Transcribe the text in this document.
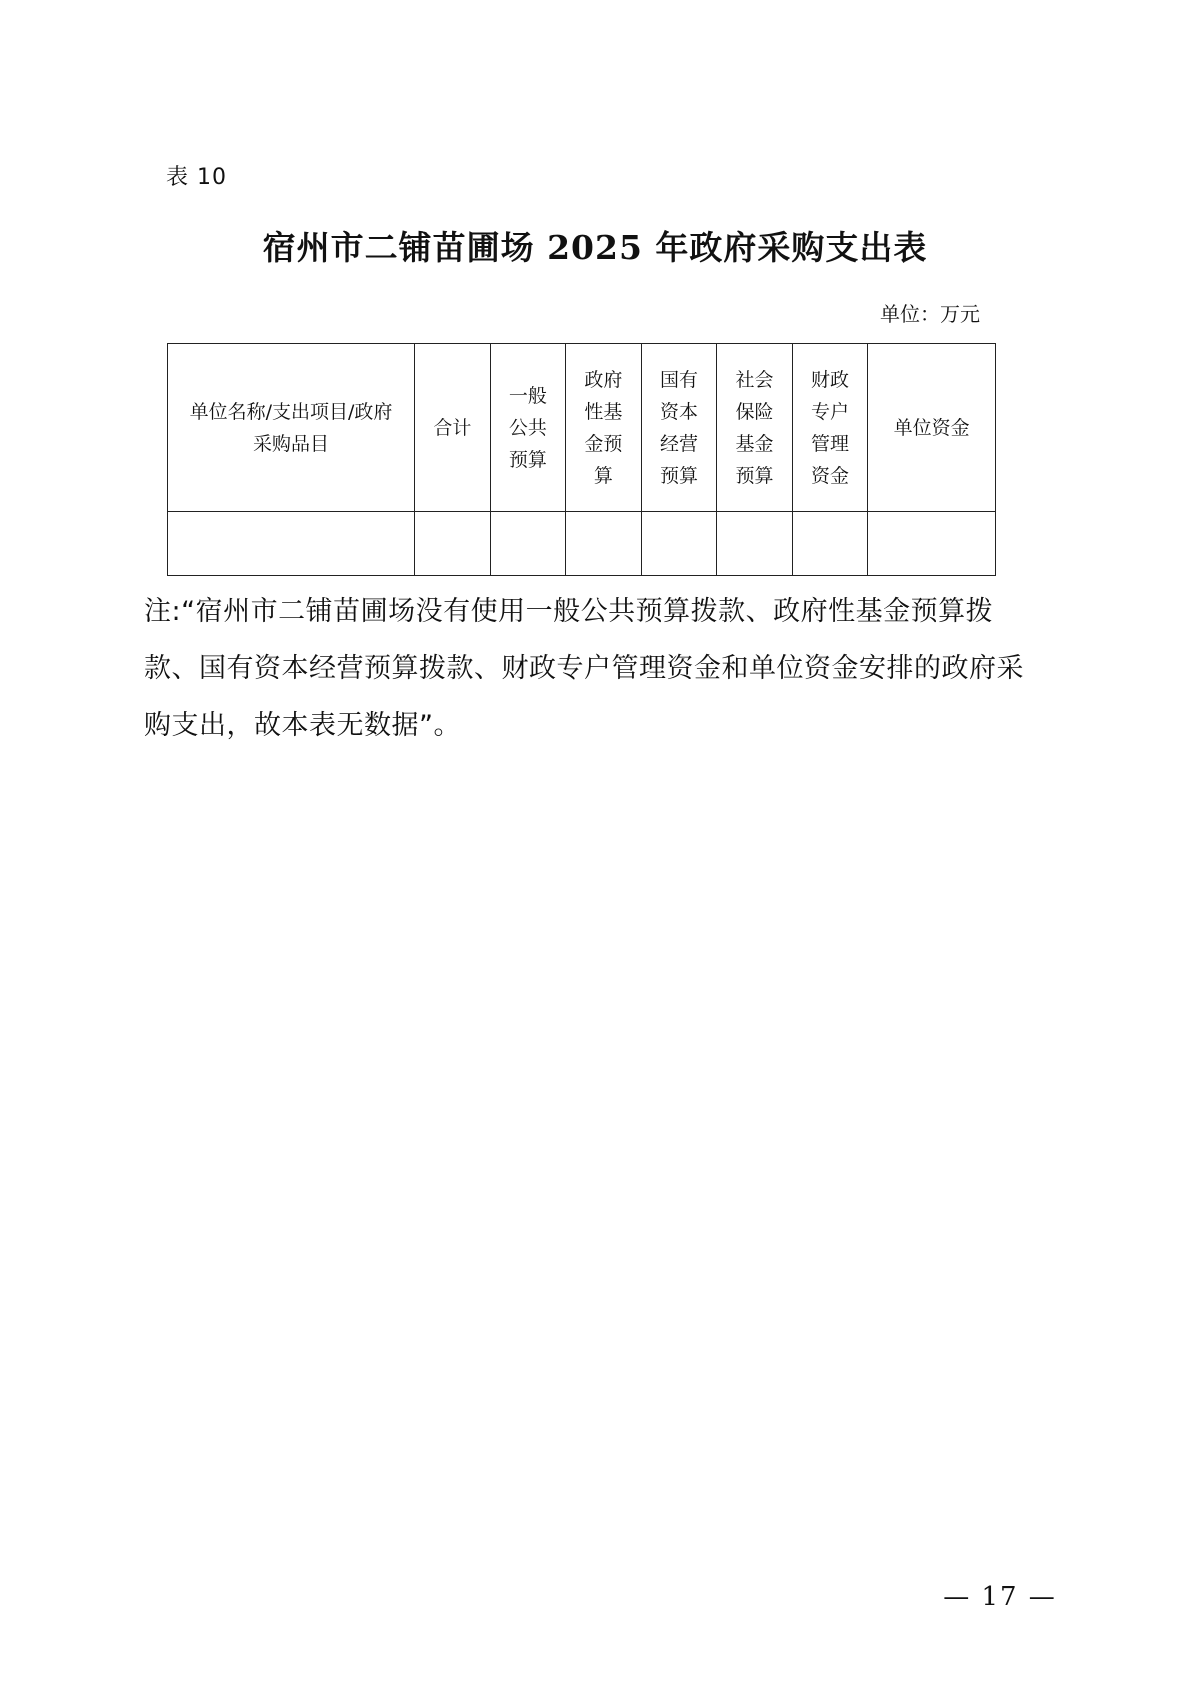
表 10
宿州市二铺苗圃场 2025 年政府采购支出表
单位：万元
单位名称/支出项目/政府采购品目	合计	一般公共预算	政府性基金预算	国有资本经营预算	社会保险基金预算	财政专户管理资金	单位资金

注:“宿州市二铺苗圃场没有使用一般公共预算拨款、政府性基金预算拨款、国有资本经营预算拨款、财政专户管理资金和单位资金安排的政府采购支出，故本表无数据”。
— 17 —
